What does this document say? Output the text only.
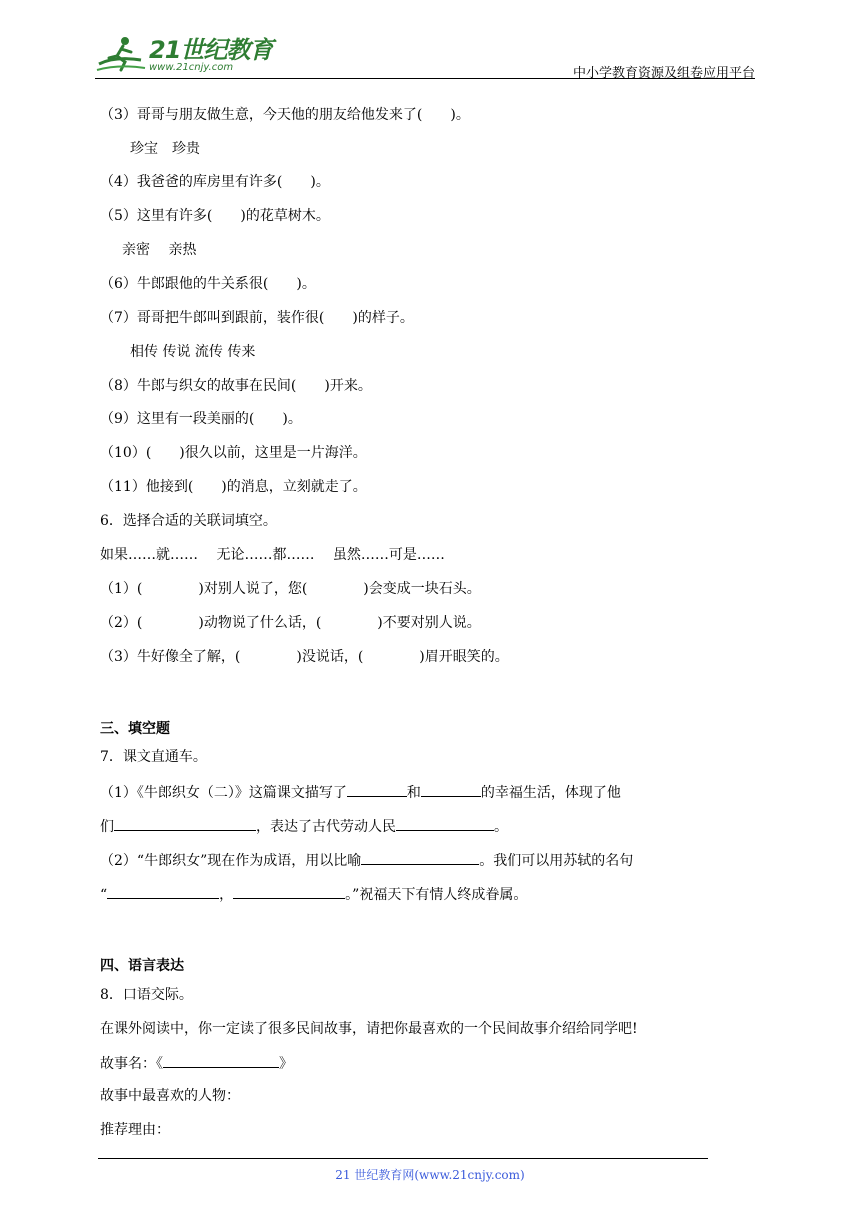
21世纪教育
www.21cnjy.com	中小学教育资源及组卷应用平台
（3）哥哥与朋友做生意，今天他的朋友给他发来了(　　)。
珍宝　珍贵
（4）我爸爸的库房里有许多(　　)。
（5）这里有许多(　　)的花草树木。
亲密　 亲热
（6）牛郎跟他的牛关系很(　　)。
（7）哥哥把牛郎叫到跟前，装作很(　　)的样子。
相传 传说 流传 传来
（8）牛郎与织女的故事在民间(　　)开来。
（9）这里有一段美丽的(　　)。
（10）(　　)很久以前，这里是一片海洋。
（11）他接到(　　)的消息，立刻就走了。
6．选择合适的关联词填空。
如果……就……　 无论……都……　 虽然……可是……
（1）(　　　　)对别人说了，您(　　　　)会变成一块石头。
（2）(　　　　)动物说了什么话，(　　　　)不要对别人说。
（3）牛好像全了解，(　　　　)没说话，(　　　　)眉开眼笑的。
三、填空题
7．课文直通车。
（1）《牛郎织女（二）》这篇课文描写了	和	的幸福生活，体现了他
们	，表达了古代劳动人民	。
（2）“牛郎织女”现在作为成语，用以比喻	。我们可以用苏轼的名句
“	，	。”祝福天下有情人终成眷属。
四、语言表达
8．口语交际。
在课外阅读中，你一定读了很多民间故事，请把你最喜欢的一个民间故事介绍给同学吧!
故事名：《	》
故事中最喜欢的人物：
推荐理由：
21 世纪教育网(www.21cnjy.com)
